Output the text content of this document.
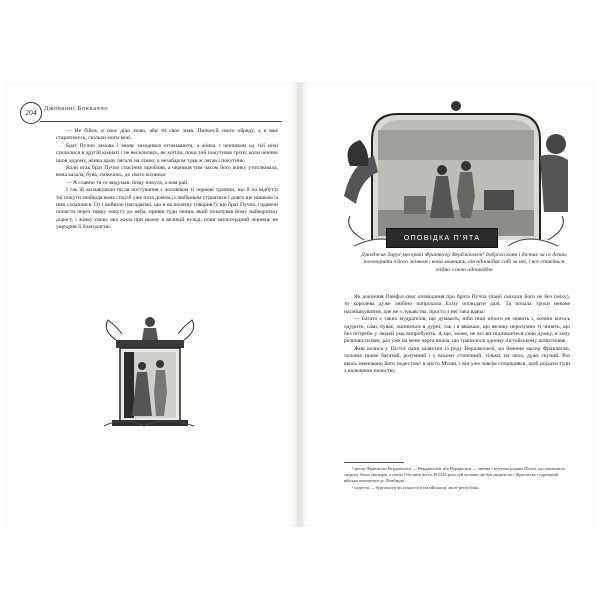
204	Джованні Боккаччо

— Не бійся, я своє діло знаю, аби ти своє знав. Пильнуй свого обряду, а я вже старатимусь, скільки моги моєї.

Брат Пуччо замовк і знову заходився отченашити, а жінка з ченчиком од тієї ночі стелилися в другій кімнаті і не веселились, як хотіли, поки той покутував гріхи; коли ченчик ішов додому, жінка зразу лягала на ліжко, а незабаром туди ж лягав і покутник.

Коли отак брат Пуччо спасіння заробляв, а черниця тим часом його жінку утоплювала, вона казала, бува, сміючись, до свого коханця:

— А славно ти се видумав: йому покута, а нам рай.

І так їй засмакувало після постування з чоловіком ті черневі трапези, що й по відбутті тої покути знайшла вона спосіб уже поза домом із любчиком утішатися і довго ще нишком із ним сходилися. От і вийшло (нагадаємо, що я на початку говорив?), що брат Пуччо, гадаючи попасти через тяжку покуту до неба, привів туди ченця, який показував йому найкоротшу дорогу, і жінку свою, яка жила при ньому в великій нужді, поки милосердний чернець не ущедрив її благодаттю.

ОПОВІДКА П'ЯТА
Джеджик дарує месерові Франческу Верджеллезі¹ доброго коня і дістає за се дозвіл поговорити з його жінкою; вона мовчить, він одповідає собі за неї, і все стається згідно з тою одповіддю

Як докінчив Памфіл своє оповідання про брата Пучча (панії сміхали його не без сміху), то королева дуже любіно попрохала Елізу оповідати далі. Та почала трохи неначе насмішкуватим, але не з лукавства, просто з неї така вдача:

— Багато є таких мудрагелів, що думають, ніби інші нічого не знають і, хотячи когось одурити, самі, буває, ошиються в дурні; так і я вважаю, що велику нерозумно ті чинять, що без потреби у людей ума випробують. А що, може, не всі ви підпишетеся сюю думку, я хочу розповісти вам, раз уже на мене черга впала, що трапилося одному пістойському шляхтичеві.

Жив колись у Пістої один шляхтич із роду Верджеллезі, на ймення месер Франческо, чоловік тяжко багатий, розумний і у всьому статечний, тільки, на лихо, дуже скупий. Раз якось іменовано його подестою² в місто Мілан, і він уже зовсім спорядився, щоб поїхати туди з належною почестю;

¹ месер Франческо Верджеллезі — Верджеллезі або Верджолезі — знатна і могутня родина Пістої, що очолювала свергну білих гвельфів, а потім Гібелінів міста. В 1326 році сей чоловік ще був рядком по ї Франческо і гарнішній війська покомунти до Ломбардії.

² подеста — бургомістр чи староста в італійському місті-республіці.
